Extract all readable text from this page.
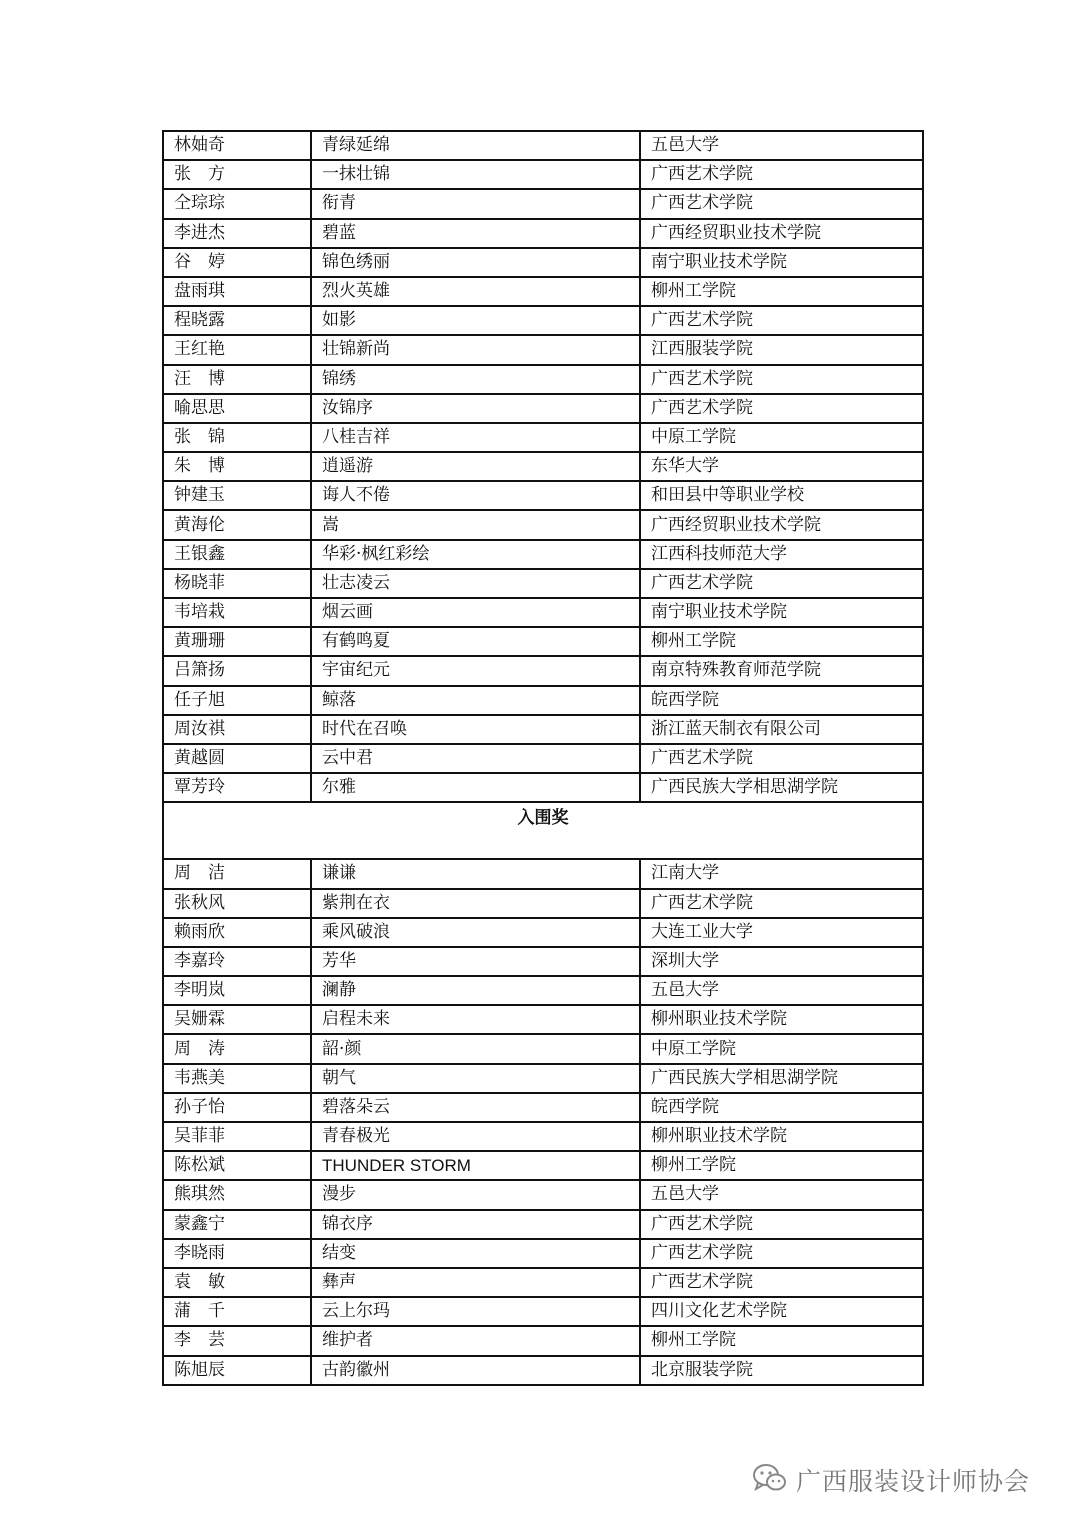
林妯奇	青绿延绵	五邑大学
张　方	一抹壮锦	广西艺术学院
仝琮琮	衔青	广西艺术学院
李进杰	碧蓝	广西经贸职业技术学院
谷　婷	锦色绣丽	南宁职业技术学院
盘雨琪	烈火英雄	柳州工学院
程晓露	如影	广西艺术学院
王红艳	壮锦新尚	江西服装学院
汪　博	锦绣	广西艺术学院
喻思思	汝锦序	广西艺术学院
张　锦	八桂吉祥	中原工学院
朱　博	逍遥游	东华大学
钟建玉	诲人不倦	和田县中等职业学校
黄海伦	嵩	广西经贸职业技术学院
王银鑫	华彩·枫红彩绘	江西科技师范大学
杨晓菲	壮志凌云	广西艺术学院
韦培栽	烟云画	南宁职业技术学院
黄珊珊	有鹤鸣夏	柳州工学院
吕箫扬	宇宙纪元	南京特殊教育师范学院
任子旭	鲸落	皖西学院
周汝祺	时代在召唤	浙江蓝天制衣有限公司
黄越圆	云中君	广西艺术学院
覃芳玲	尔雅	广西民族大学相思湖学院
入围奖		
周　洁	谦谦	江南大学
张秋风	紫荆在衣	广西艺术学院
赖雨欣	乘风破浪	大连工业大学
李嘉玲	芳华	深圳大学
李明岚	澜静	五邑大学
吴姗霖	启程未来	柳州职业技术学院
周　涛	韶·颜	中原工学院
韦燕美	朝气	广西民族大学相思湖学院
孙子怡	碧落朵云	皖西学院
吴菲菲	青春极光	柳州职业技术学院
陈松斌	THUNDER STORM	柳州工学院
熊琪然	漫步	五邑大学
蒙鑫宁	锦衣序	广西艺术学院
李晓雨	结变	广西艺术学院
袁　敏	彝声	广西艺术学院
蒲　千	云上尔玛	四川文化艺术学院
李　芸	维护者	柳州工学院
陈旭辰	古韵徽州	北京服装学院
广西服装设计师协会
